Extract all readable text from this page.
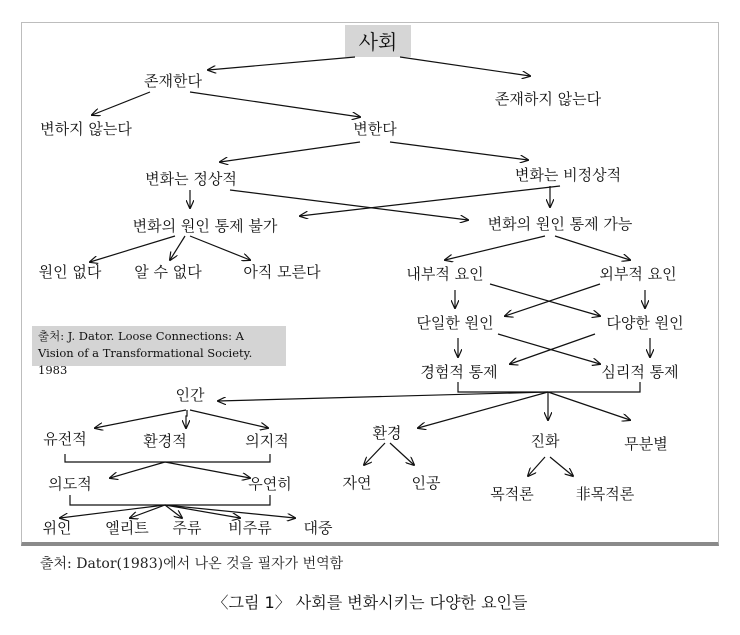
사회
존재한다
존재하지 않는다
변하지 않는다	변한다
변화는 정상적	변화는 비정상적
변화의 원인 통제 불가	변화의 원인 통제 가능
원인 없다 알 수 없다	아직 모른다	내부적 요인	외부적 요인
단일한 원인	다양한 원인
경험적 통제	심리적 통제
인간
환경	진화	무분별
유전적	환경적	의지적
의도적	우연히
위인 엘리트 주류 비주류 대중
자연	인공
목적론	非목적론
출처: J. Dator. Loose Connections: A
Vision of a Transformational Society. 1983
출처: Dator(1983)에서 나온 것을 필자가 번역함
〈그림 1〉 사회를 변화시키는 다양한 요인들
